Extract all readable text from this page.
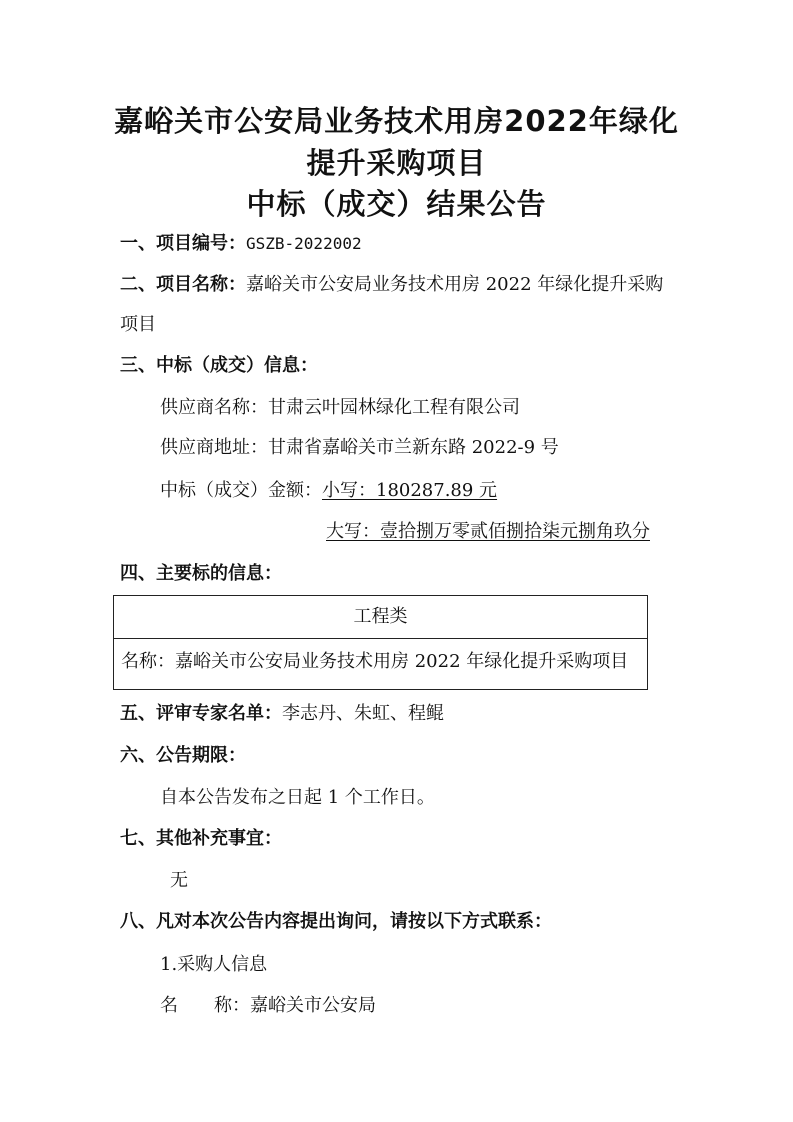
嘉峪关市公安局业务技术用房2022年绿化
提升采购项目
中标（成交）结果公告
一、项目编号：GSZB-2022002
二、项目名称：嘉峪关市公安局业务技术用房 2022 年绿化提升采购
项目
三、中标（成交）信息：
供应商名称：甘肃云叶园林绿化工程有限公司
供应商地址：甘肃省嘉峪关市兰新东路 2022-9 号
中标（成交）金额：小写：180287.89 元
大写：壹拾捌万零贰佰捌拾柒元捌角玖分
四、主要标的信息：
工程类
名称：嘉峪关市公安局业务技术用房 2022 年绿化提升采购项目
五、评审专家名单：李志丹、朱虹、程鲲
六、公告期限：
自本公告发布之日起 1 个工作日。
七、其他补充事宜：
无
八、凡对本次公告内容提出询问，请按以下方式联系：
1.采购人信息
名　　称：嘉峪关市公安局
